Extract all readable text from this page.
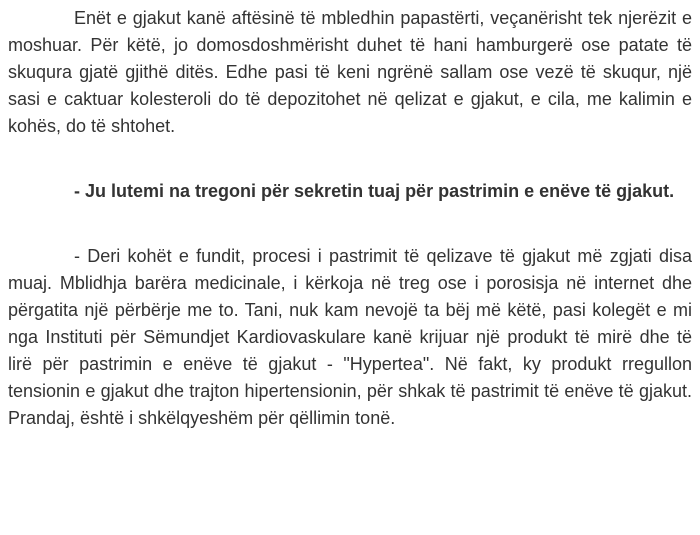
Enët e gjakut kanë aftësinë të mbledhin papastërti, veçanërisht tek njerëzit e moshuar. Për këtë, jo domosdoshmërisht duhet të hani hamburgerë ose patate të skuqura gjatë gjithë ditës. Edhe pasi të keni ngrënë sallam ose vezë të skuqur, një sasi e caktuar kolesteroli do të depozitohet në qelizat e gjakut, e cila, me kalimin e kohës, do të shtohet.

- Ju lutemi na tregoni për sekretin tuaj për pastrimin e enëve të gjakut.

- Deri kohët e fundit, procesi i pastrimit të qelizave të gjakut më zgjati disa muaj. Mblidhja barëra medicinale, i kërkoja në treg ose i porosisja në internet dhe përgatita një përbërje me to. Tani, nuk kam nevojë ta bëj më këtë, pasi kolegët e mi nga Instituti për Sëmundjet Kardiovaskulare kanë krijuar një produkt të mirë dhe të lirë për pastrimin e enëve të gjakut - "Hypertea". Në fakt, ky produkt rregullon tensionin e gjakut dhe trajton hipertensionin, për shkak të pastrimit të enëve të gjakut. Prandaj, është i shkëlqyeshëm për qëllimin tonë.
